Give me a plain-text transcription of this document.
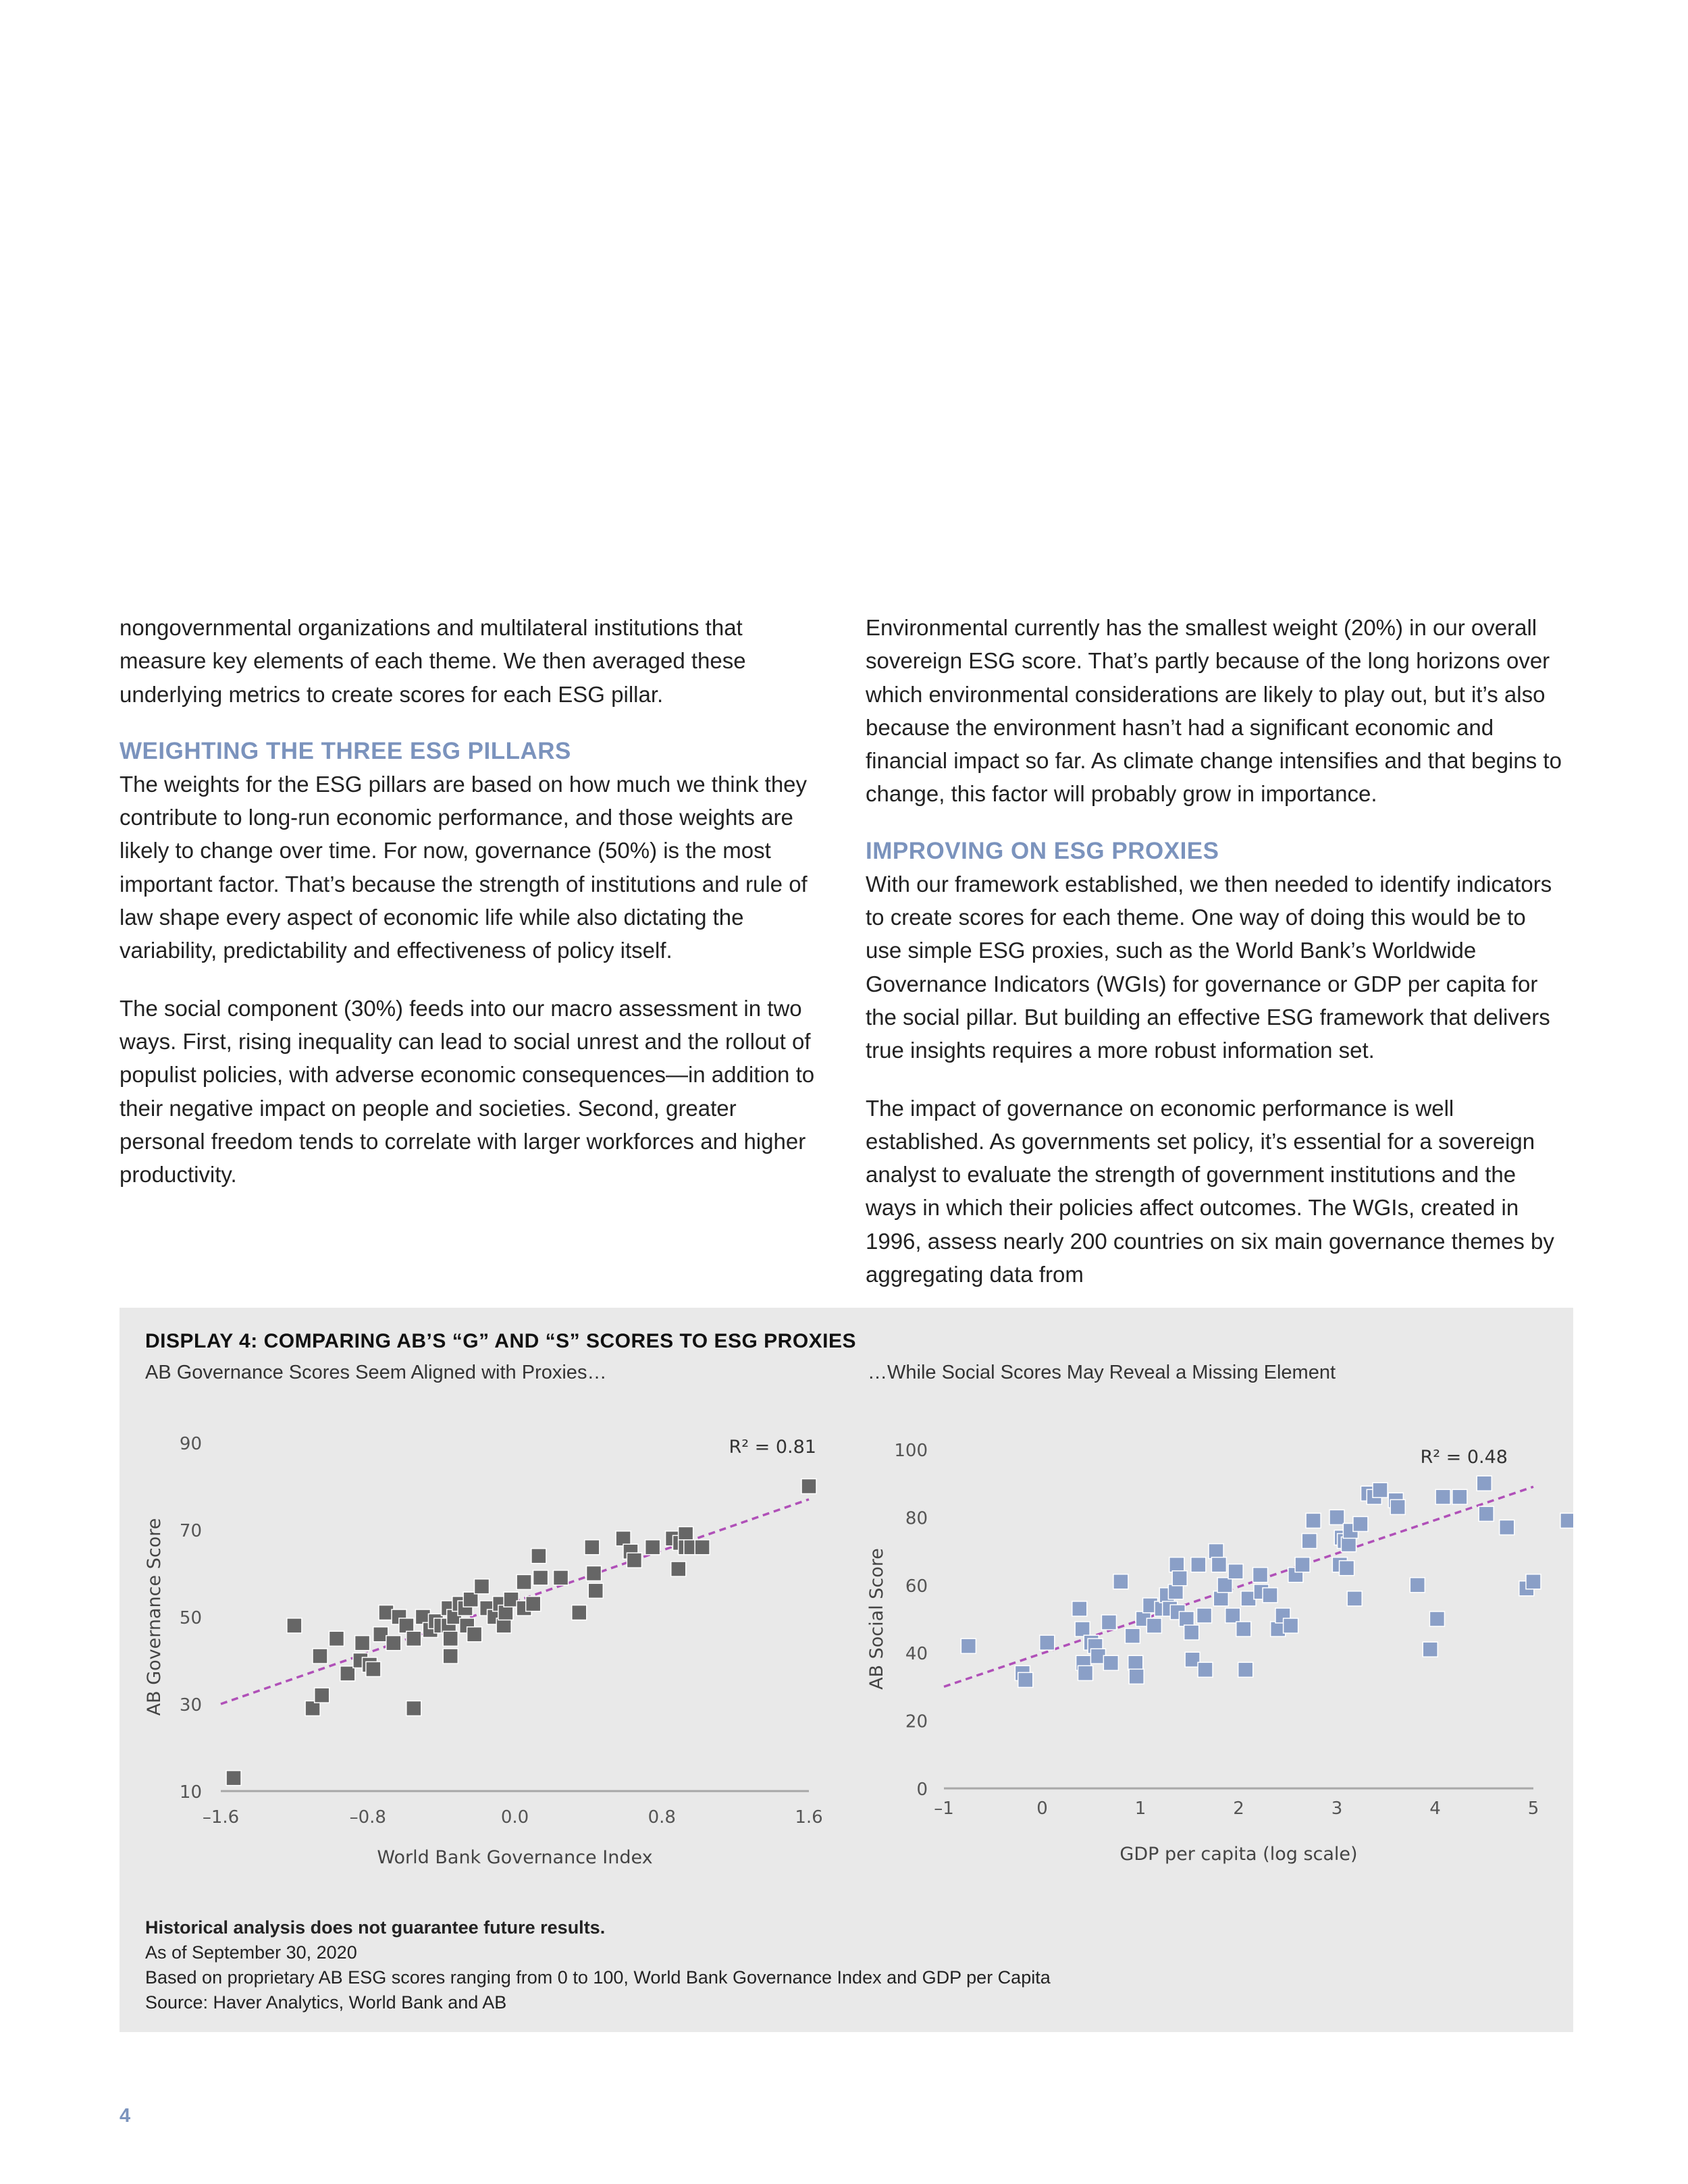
nongovernmental organizations and multilateral institutions that measure key elements of each theme. We then averaged these underlying metrics to create scores for each ESG pillar.

WEIGHTING THE THREE ESG PILLARS

The weights for the ESG pillars are based on how much we think they contribute to long-run economic performance, and those weights are likely to change over time. For now, governance (50%) is the most important factor. That’s because the strength of institutions and rule of law shape every aspect of economic life while also dictating the variability, predictability and effectiveness of policy itself.

The social component (30%) feeds into our macro assessment in two ways. First, rising inequality can lead to social unrest and the rollout of populist policies, with adverse economic consequences—in addition to their negative impact on people and societies. Second, greater personal freedom tends to correlate with larger workforces and higher productivity.

Environmental currently has the smallest weight (20%) in our overall sovereign ESG score. That’s partly because of the long horizons over which environmental considerations are likely to play out, but it’s also because the environment hasn’t had a significant economic and financial impact so far. As climate change intensifies and that begins to change, this factor will probably grow in importance.

IMPROVING ON ESG PROXIES

With our framework established, we then needed to identify indicators to create scores for each theme. One way of doing this would be to use simple ESG proxies, such as the World Bank’s Worldwide Governance Indicators (WGIs) for governance or GDP per capita for the social pillar. But building an effective ESG framework that delivers true insights requires a more robust information set.

The impact of governance on economic performance is well established. As governments set policy, it’s essential for a sovereign analyst to evaluate the strength of government institutions and the ways in which their policies affect outcomes. The WGIs, created in 1996, assess nearly 200 countries on six main governance themes by aggregating data from

DISPLAY 4: COMPARING AB’S “G” AND “S” SCORES TO ESG PROXIES
AB Governance Scores Seem Aligned with Proxies…	…While Social Scores May Reveal a Missing Element
10
30
50
70
90
–1.6	–0.8	0.0	0.8	1.6
World Bank Governance Index
AB Governance Score
R² = 0.81
0
20
40
60
80
100
–1	0	1	2	3	4	5
GDP per capita (log scale)
AB Social Score
R² = 0.48
Historical analysis does not guarantee future results.
As of September 30, 2020
Based on proprietary AB ESG scores ranging from 0 to 100, World Bank Governance Index and GDP per Capita
Source: Haver Analytics, World Bank and AB
4
